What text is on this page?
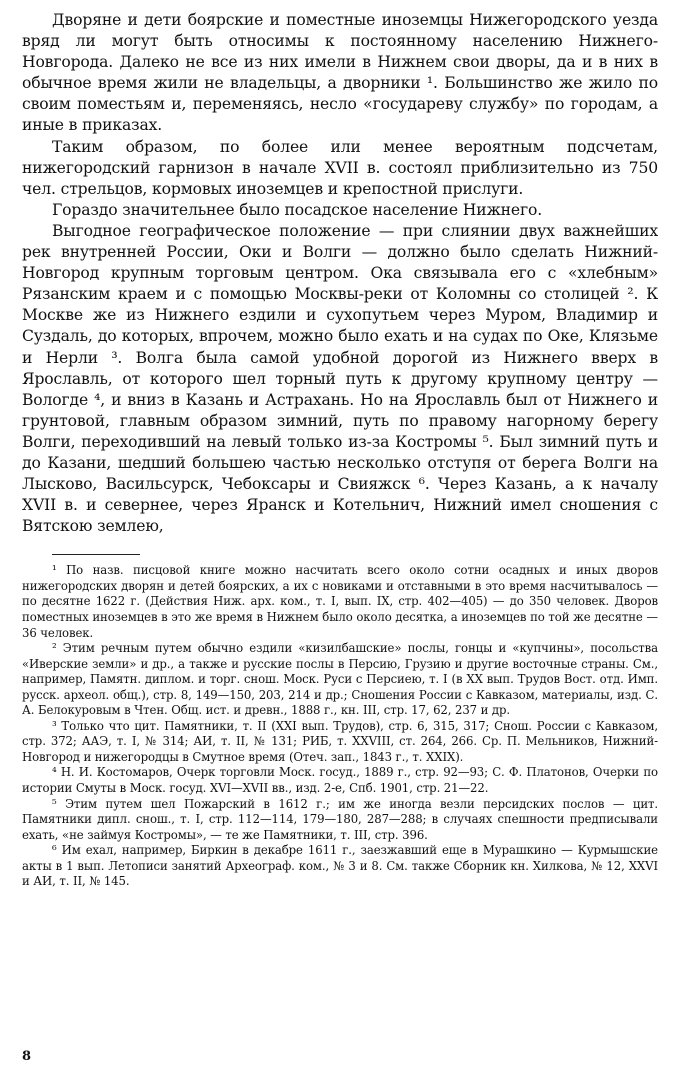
Дворяне и дети боярские и поместные иноземцы Нижегородского уезда вряд ли могут быть относимы к постоянному населению Нижнего-Новгорода. Далеко не все из них имели в Нижнем свои дворы, да и в них в обычное время жили не владельцы, а дворники ¹. Большинство же жило по своим поместьям и, переменяясь, несло «государеву службу» по городам, а иные в приказах.

Таким образом, по более или менее вероятным подсчетам, нижегородский гарнизон в начале XVII в. состоял приблизительно из 750 чел. стрельцов, кормовых иноземцев и крепостной прислуги.

Гораздо значительнее было посадское население Нижнего.

Выгодное географическое положение — при слиянии двух важнейших рек внутренней России, Оки и Волги — должно было сделать Нижний-Новгород крупным торговым центром. Ока связывала его с «хлебным» Рязанским краем и с помощью Москвы-реки от Коломны со столицей ². К Москве же из Нижнего ездили и сухопутьем через Муром, Владимир и Суздаль, до которых, впрочем, можно было ехать и на судах по Оке, Клязьме и Нерли ³. Волга была самой удобной дорогой из Нижнего вверх в Ярославль, от которого шел торный путь к другому крупному центру — Вологде ⁴, и вниз в Казань и Астрахань. Но на Ярославль был от Нижнего и грунтовой, главным образом зимний, путь по правому нагорному берегу Волги, переходивший на левый только из-за Костромы ⁵. Был зимний путь и до Казани, шедший большею частью несколько отступя от берега Волги на Лысково, Васильсурск, Чебоксары и Свияжск ⁶. Через Казань, а к началу XVII в. и севернее, через Яранск и Котельнич, Нижний имел сношения с Вятскою землею,

¹ По назв. писцовой книге можно насчитать всего около сотни осадных и иных дворов нижегородских дворян и детей боярских, а их с новиками и отставными в это время насчитывалось — по десятне 1622 г. (Действия Ниж. арх. ком., т. I, вып. IX, стр. 402—405) — до 350 человек. Дворов поместных иноземцев в это же время в Нижнем было около десятка, а иноземцев по той же десятне — 36 человек.

² Этим речным путем обычно ездили «кизилбашские» послы, гонцы и «купчины», посольства «Иверские земли» и др., а также и русские послы в Персию, Грузию и другие восточные страны. См., например, Памятн. диплом. и торг. снош. Моск. Руси с Персиею, т. I (в XX вып. Трудов Вост. отд. Имп. русск. археол. общ.), стр. 8, 149—150, 203, 214 и др.; Сношения России с Кавказом, материалы, изд. С. А. Белокуровым в Чтен. Общ. ист. и древн., 1888 г., кн. III, стр. 17, 62, 237 и др.

³ Только что цит. Памятники, т. II (XXI вып. Трудов), стр. 6, 315, 317; Снош. России с Кавказом, стр. 372; ААЭ, т. I, № 314; АИ, т. II, № 131; РИБ, т. XXVIII, ст. 264, 266. Ср. П. Мельников, Нижний-Новгород и нижегородцы в Смутное время (Отеч. зап., 1843 г., т. XXIX).

⁴ Н. И. Костомаров, Очерк торговли Моск. госуд., 1889 г., стр. 92—93; С. Ф. Платонов, Очерки по истории Смуты в Моск. госуд. XVI—XVII вв., изд. 2-е, Спб. 1901, стр. 21—22.

⁵ Этим путем шел Пожарский в 1612 г.; им же иногда везли персидских послов — цит. Памятники дипл. снош., т. I, стр. 112—114, 179—180, 287—288; в случаях спешности предписывали ехать, «не займуя Костромы», — те же Памятники, т. III, стр. 396.

⁶ Им ехал, например, Биркин в декабре 1611 г., заезжавший еще в Мурашкино — Курмышские акты в 1 вып. Летописи занятий Археограф. ком., № 3 и 8. См. также Сборник кн. Хилкова, № 12, XXVI и АИ, т. II, № 145.

8
